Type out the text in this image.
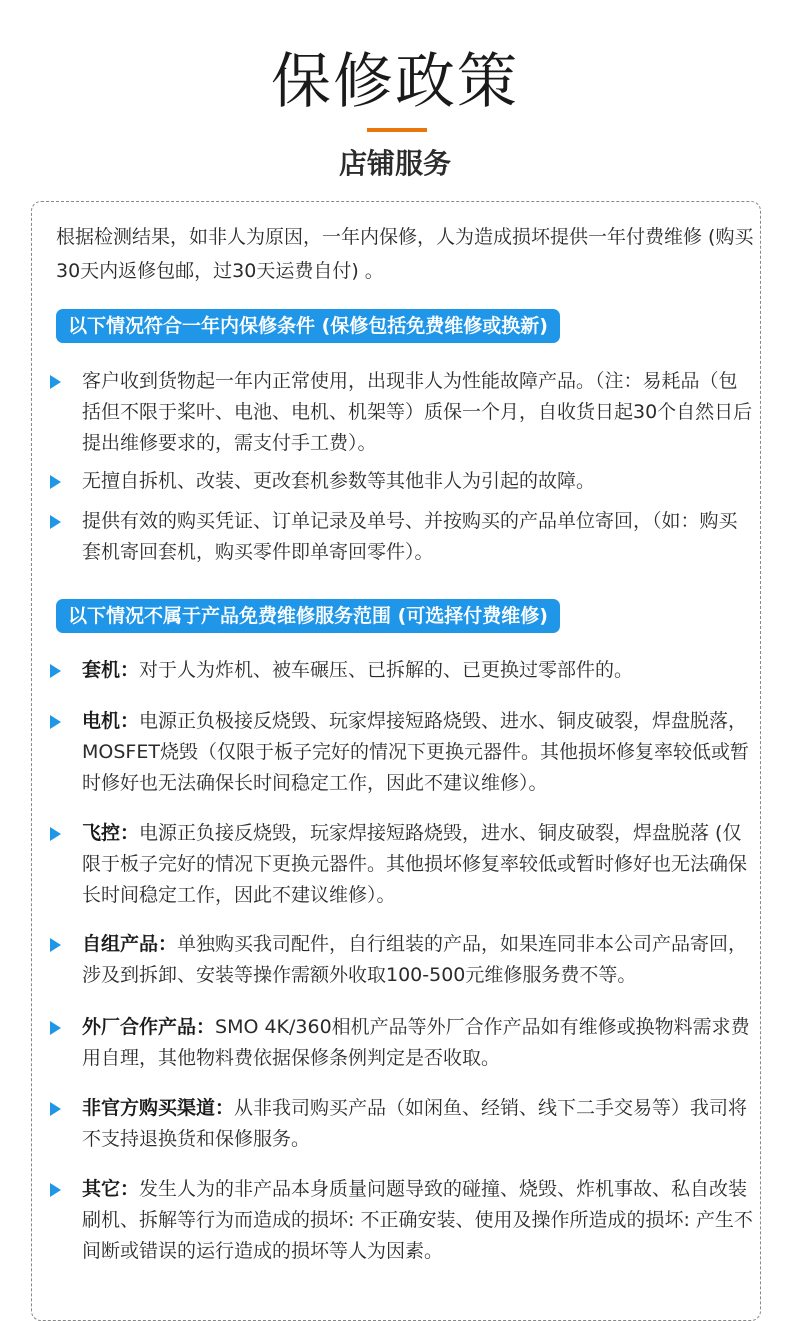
保修政策
店铺服务
根据检测结果，如非人为原因，一年内保修，人为造成损坏提供一年付费维修 (购买30天内返修包邮，过30天运费自付) 。
以下情况符合一年内保修条件 (保修包括免费维修或换新)
客户收到货物起一年内正常使用，出现非人为性能故障产品。（注：易耗品（包括但不限于桨叶、电池、电机、机架等）质保一个月，自收货日起30个自然日后提出维修要求的，需支付手工费）。
无擅自拆机、改装、更改套机参数等其他非人为引起的故障。
提供有效的购买凭证、订单记录及单号、并按购买的产品单位寄回，（如：购买套机寄回套机，购买零件即单寄回零件）。
以下情况不属于产品免费维修服务范围 (可选择付费维修)
套机：对于人为炸机、被车碾压、已拆解的、已更换过零部件的。
电机：电源正负极接反烧毁、玩家焊接短路烧毁、进水、铜皮破裂，焊盘脱落，MOSFET烧毁（仅限于板子完好的情况下更换元器件。其他损坏修复率较低或暂时修好也无法确保长时间稳定工作，因此不建议维修）。
飞控：电源正负接反烧毁，玩家焊接短路烧毁，进水、铜皮破裂，焊盘脱落 (仅限于板子完好的情况下更换元器件。其他损坏修复率较低或暂时修好也无法确保长时间稳定工作，因此不建议维修）。
自组产品：单独购买我司配件，自行组装的产品，如果连同非本公司产品寄回，涉及到拆卸、安装等操作需额外收取100-500元维修服务费不等。
外厂合作产品：SMO 4K/360相机产品等外厂合作产品如有维修或换物料需求费用自理，其他物料费依据保修条例判定是否收取。
非官方购买渠道：从非我司购买产品（如闲鱼、经销、线下二手交易等）我司将不支持退换货和保修服务。
其它：发生人为的非产品本身质量问题导致的碰撞、烧毁、炸机事故、私自改装刷机、拆解等行为而造成的损坏: 不正确安装、使用及操作所造成的损坏: 产生不间断或错误的运行造成的损坏等人为因素。
